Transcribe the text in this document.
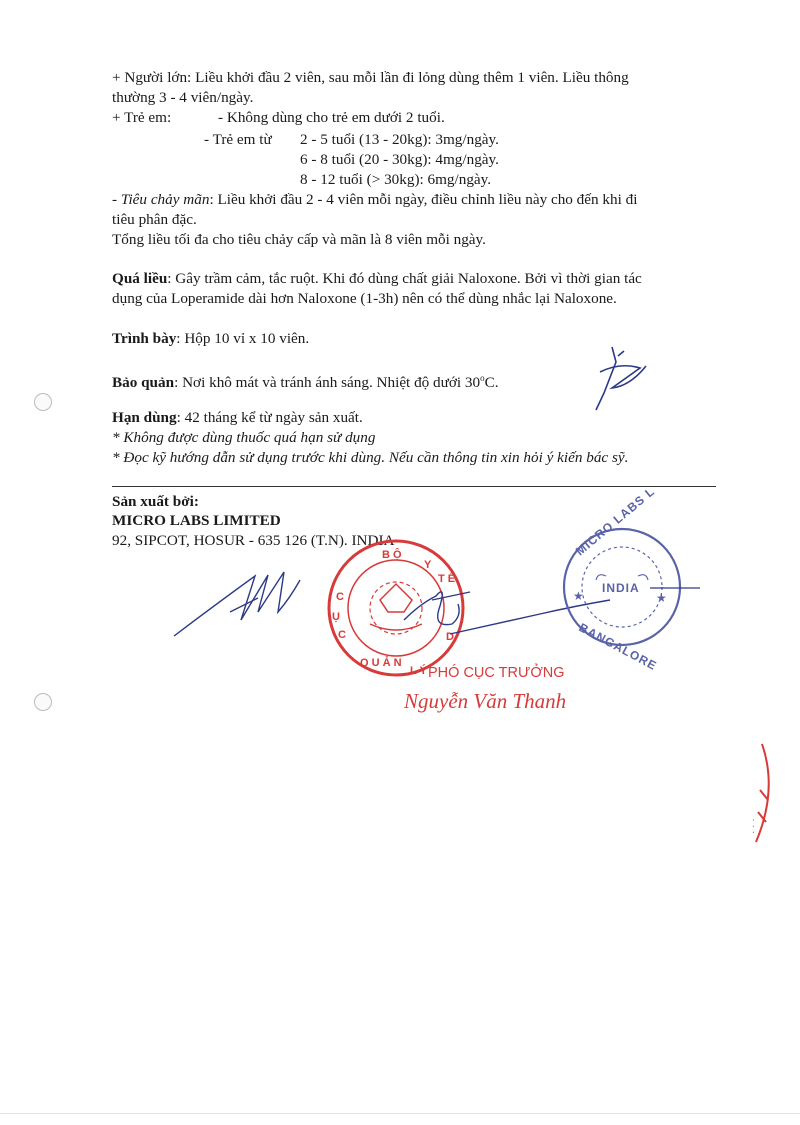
+ Người lớn: Liều khởi đầu 2 viên, sau mỗi lần đi lỏng dùng thêm 1 viên. Liều thông
thường 3 - 4 viên/ngày.
+ Trẻ em:	- Không dùng cho trẻ em dưới 2 tuổi.
- Trẻ em từ 2 - 5 tuổi (13 - 20kg): 3mg/ngày.
6 - 8 tuổi (20 - 30kg): 4mg/ngày.
8 - 12 tuổi (> 30kg): 6mg/ngày.
- Tiêu chảy mãn: Liều khởi đầu 2 - 4 viên mỗi ngày, điều chỉnh liều này cho đến khi đi
tiêu phân đặc.
Tổng liều tối đa cho tiêu chảy cấp và mãn là 8 viên mỗi ngày.
Quá liều: Gây trầm cảm, tắc ruột. Khi đó dùng chất giải Naloxone. Bởi vì thời gian tác
dụng của Loperamide dài hơn Naloxone (1-3h) nên có thể dùng nhắc lại Naloxone.
Trình bày: Hộp 10 vỉ x 10 viên.
Bảo quản: Nơi khô mát và tránh ánh sáng. Nhiệt độ dưới 30$^o$C.
Hạn dùng: 42 tháng kể từ ngày sản xuất.
* Không được dùng thuốc quá hạn sử dụng
* Đọc kỹ hướng dẫn sử dụng trước khi dùng. Nếu cần thông tin xin hỏi ý kiến bác sỹ.
Sản xuất bởi:
MICRO LABS LIMITED
92, SIPCOT, HOSUR - 635 126 (T.N). INDIA
B Ộ
Y
T Ế
C
Ụ
C
Q U Ả N
L Ý
D
MICRO LABS L
INDIA
BANGALORE
★	★
· · ·
PHÓ CỤC TRƯỞNG
Nguyễn Văn Thanh
